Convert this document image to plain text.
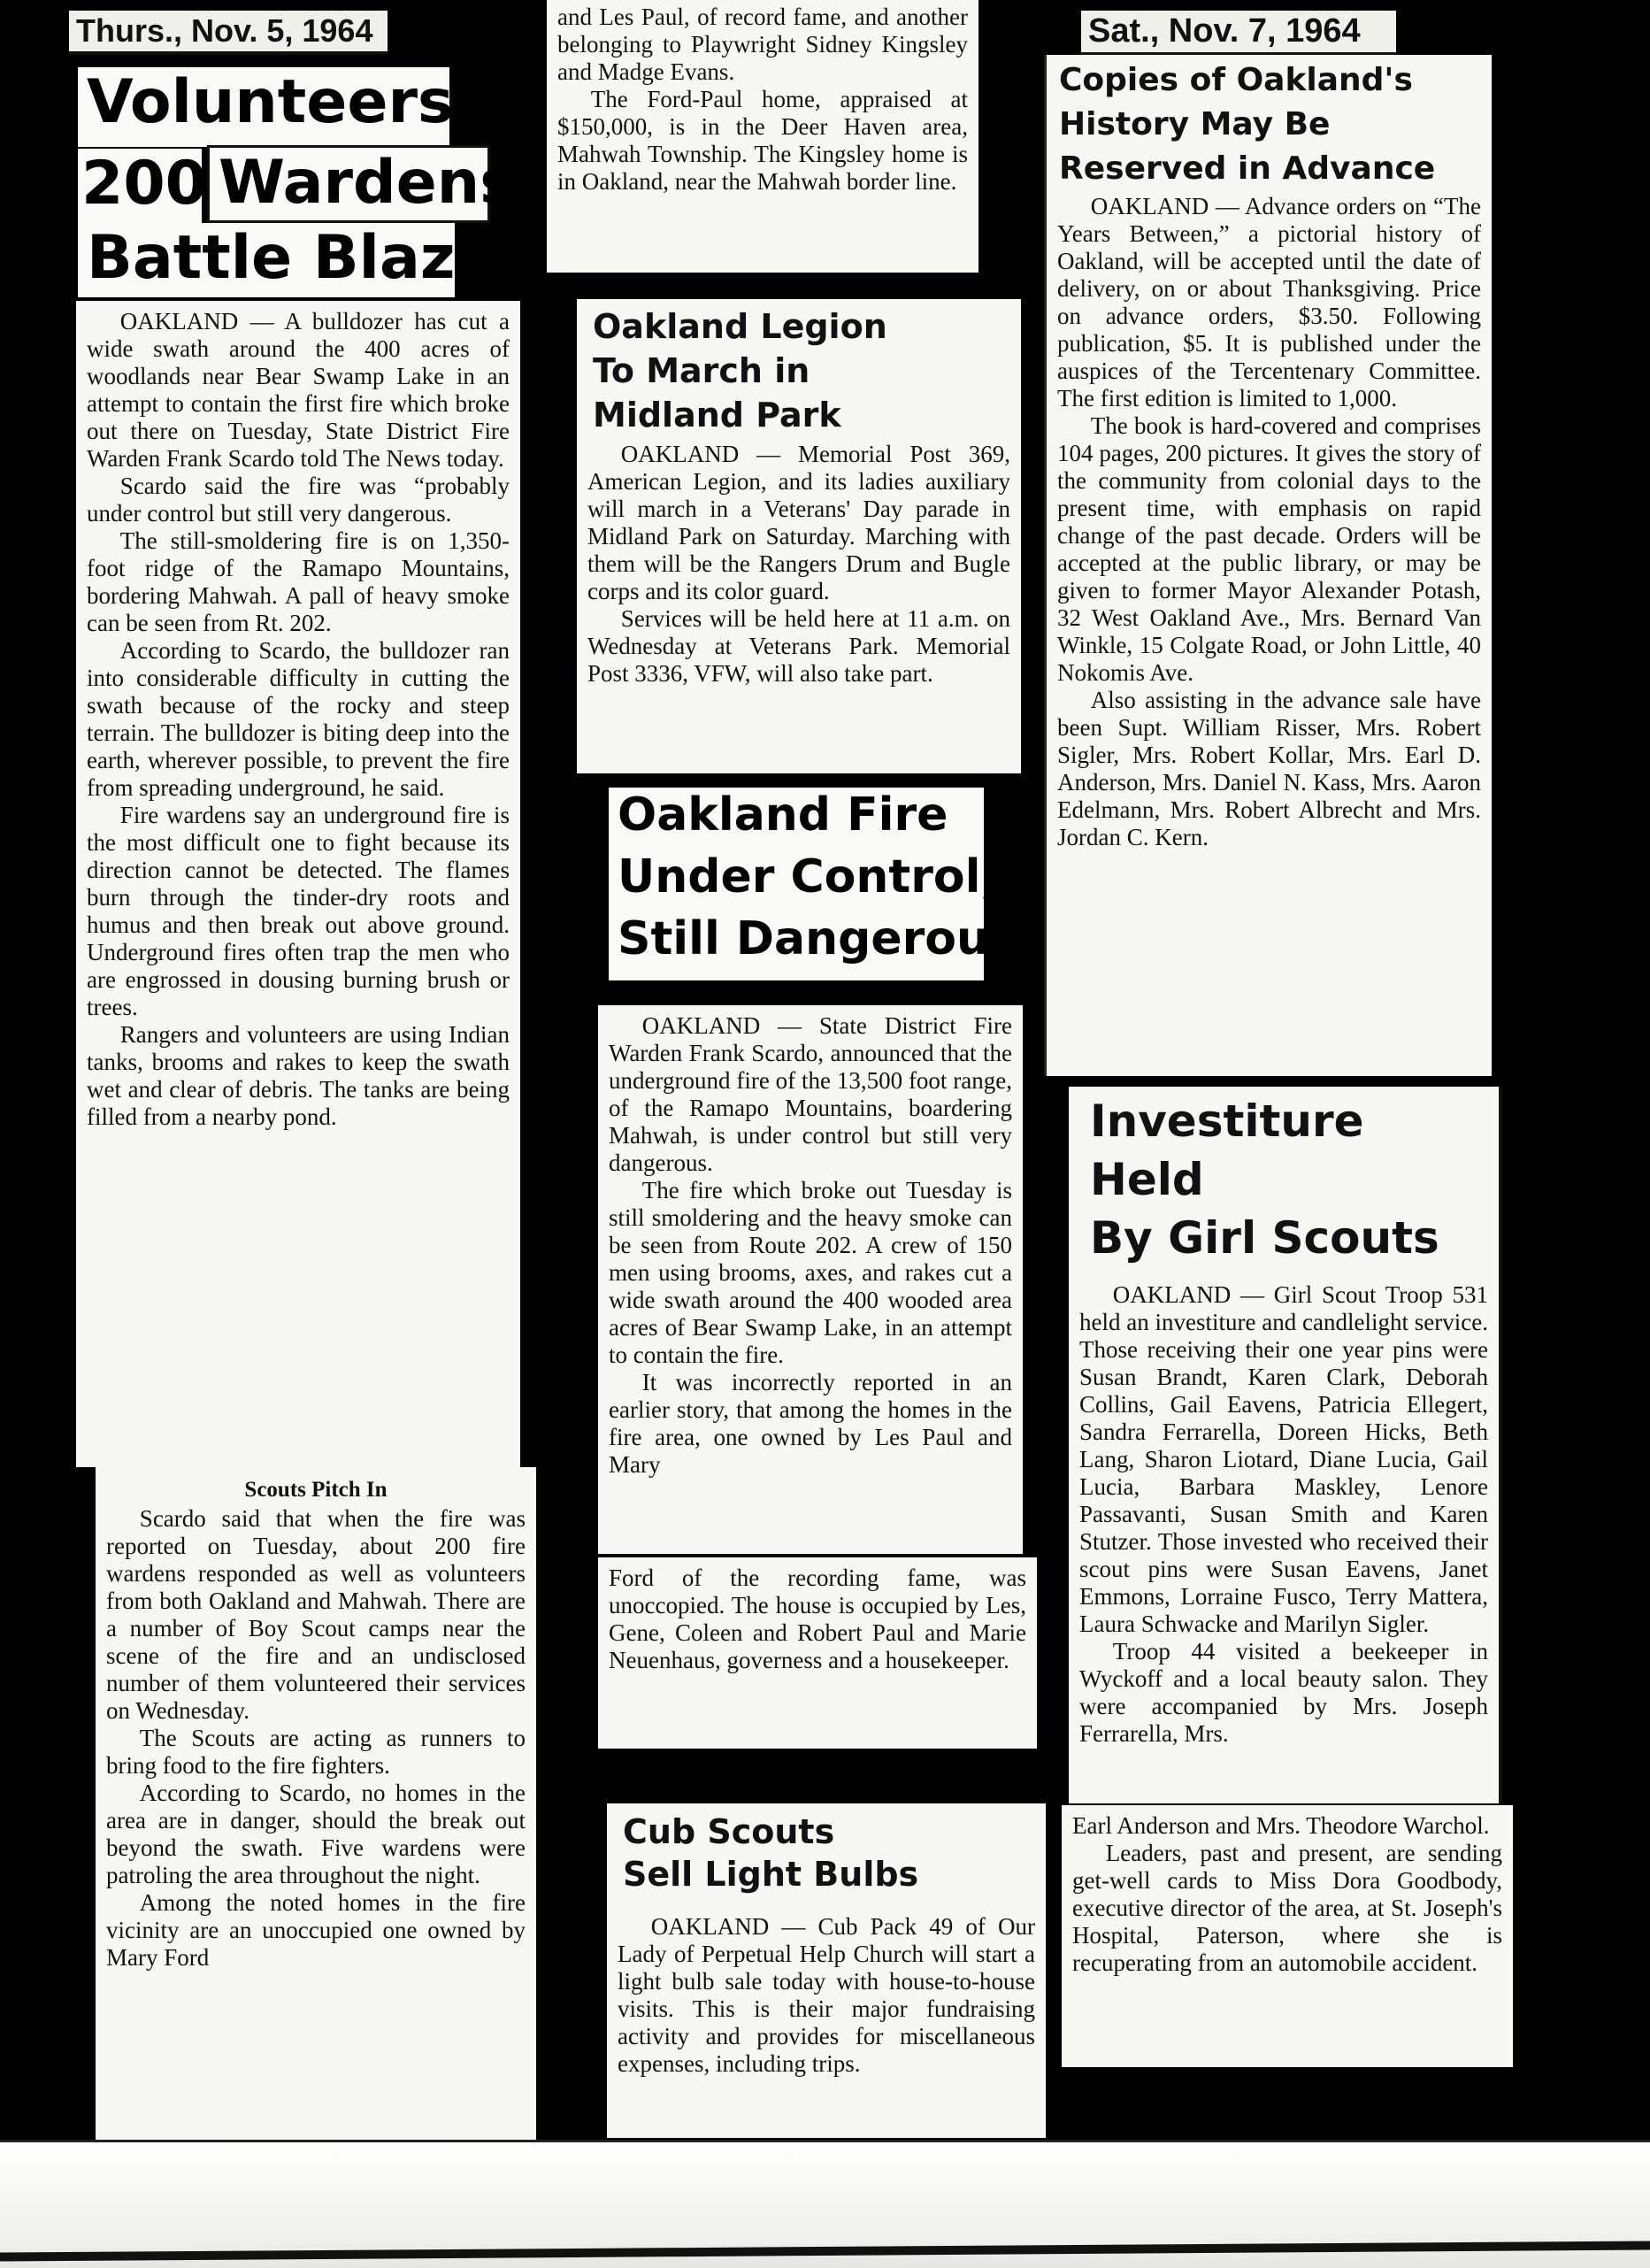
Thurs., Nov. 5, 1964
Volunteers,
200 Wardens
Battle Blaze

OAKLAND — A bulldozer has cut a wide swath around the 400 acres of woodlands near Bear Swamp Lake in an attempt to contain the first fire which broke out there on Tuesday, State District Fire Warden Frank Scardo told The News today.

Scardo said the fire was “probably under control but still very dangerous.

The still-smoldering fire is on 1,350-foot ridge of the Ramapo Mountains, bordering Mahwah. A pall of heavy smoke can be seen from Rt. 202.

According to Scardo, the bulldozer ran into considerable difficulty in cutting the swath because of the rocky and steep terrain. The bulldozer is biting deep into the earth, wherever possible, to prevent the fire from spreading underground, he said.

Fire wardens say an underground fire is the most difficult one to fight because its direction cannot be detected. The flames burn through the tinder-dry roots and humus and then break out above ground. Underground fires often trap the men who are engrossed in dousing burning brush or trees.

Rangers and volunteers are using Indian tanks, brooms and rakes to keep the swath wet and clear of debris. The tanks are being filled from a nearby pond.

Scouts Pitch In

Scardo said that when the fire was reported on Tuesday, about 200 fire wardens responded as well as volunteers from both Oakland and Mahwah. There are a number of Boy Scout camps near the scene of the fire and an undisclosed number of them volunteered their services on Wednesday.

The Scouts are acting as runners to bring food to the fire fighters.

According to Scardo, no homes in the area are in danger, should the break out beyond the swath. Five wardens were patroling the area throughout the night.

Among the noted homes in the fire vicinity are an unoccupied one owned by Mary Ford

and Les Paul, of record fame, and another belonging to Playwright Sidney Kingsley and Madge Evans.

The Ford-Paul home, appraised at $150,000, is in the Deer Haven area, Mahwah Township. The Kingsley home is in Oakland, near the Mahwah border line.

Oakland Legion
To March in
Midland Park

OAKLAND — Memorial Post 369, American Legion, and its ladies auxiliary will march in a Veterans' Day parade in Midland Park on Saturday. Marching with them will be the Rangers Drum and Bugle corps and its color guard.

Services will be held here at 11 a.m. on Wednesday at Veterans Park. Memorial Post 3336, VFW, will also take part.

Oakland Fire
Under Control,
Still Dangerous

OAKLAND — State District Fire Warden Frank Scardo, announced that the underground fire of the 13,500 foot range, of the Ramapo Mountains, boardering Mahwah, is under control but still very dangerous.

The fire which broke out Tuesday is still smoldering and the heavy smoke can be seen from Route 202. A crew of 150 men using brooms, axes, and rakes cut a wide swath around the 400 wooded area acres of Bear Swamp Lake, in an attempt to contain the fire.

It was incorrectly reported in an earlier story, that among the homes in the fire area, one owned by Les Paul and Mary

Ford of the recording fame, was unoccopied. The house is occupied by Les, Gene, Coleen and Robert Paul and Marie Neuenhaus, governess and a housekeeper.
Cub Scouts
Sell Light Bulbs

OAKLAND — Cub Pack 49 of Our Lady of Perpetual Help Church will start a light bulb sale today with house-to-house visits. This is their major fundraising activity and provides for miscellaneous expenses, including trips.

Sat., Nov. 7, 1964
Copies of Oakland's
History May Be
Reserved in Advance

OAKLAND — Advance orders on “The Years Between,” a pictorial history of Oakland, will be accepted until the date of delivery, on or about Thanksgiving. Price on advance orders, $3.50. Following publication, $5. It is published under the auspices of the Tercentenary Committee. The first edition is limited to 1,000.

The book is hard-covered and comprises 104 pages, 200 pictures. It gives the story of the community from colonial days to the present time, with emphasis on rapid change of the past decade. Orders will be accepted at the public library, or may be given to former Mayor Alexander Potash, 32 West Oakland Ave., Mrs. Bernard Van Winkle, 15 Colgate Road, or John Little, 40 Nokomis Ave.

Also assisting in the advance sale have been Supt. William Risser, Mrs. Robert Sigler, Mrs. Robert Kollar, Mrs. Earl D. Anderson, Mrs. Daniel N. Kass, Mrs. Aaron Edelmann, Mrs. Robert Albrecht and Mrs. Jordan C. Kern.

Investiture Held
By Girl Scouts

OAKLAND — Girl Scout Troop 531 held an investiture and candlelight service. Those receiving their one year pins were Susan Brandt, Karen Clark, Deborah Collins, Gail Eavens, Patricia Ellegert, Sandra Ferrarella, Doreen Hicks, Beth Lang, Sharon Liotard, Diane Lucia, Gail Lucia, Barbara Maskley, Lenore Passavanti, Susan Smith and Karen Stutzer. Those invested who received their scout pins were Susan Eavens, Janet Emmons, Lorraine Fusco, Terry Mattera, Laura Schwacke and Marilyn Sigler.

Troop 44 visited a beekeeper in Wyckoff and a local beauty salon. They were accompanied by Mrs. Joseph Ferrarella, Mrs.

Earl Anderson and Mrs. Theodore Warchol.

Leaders, past and present, are sending get-well cards to Miss Dora Goodbody, executive director of the area, at St. Joseph's Hospital, Paterson, where she is recuperating from an automobile accident.
